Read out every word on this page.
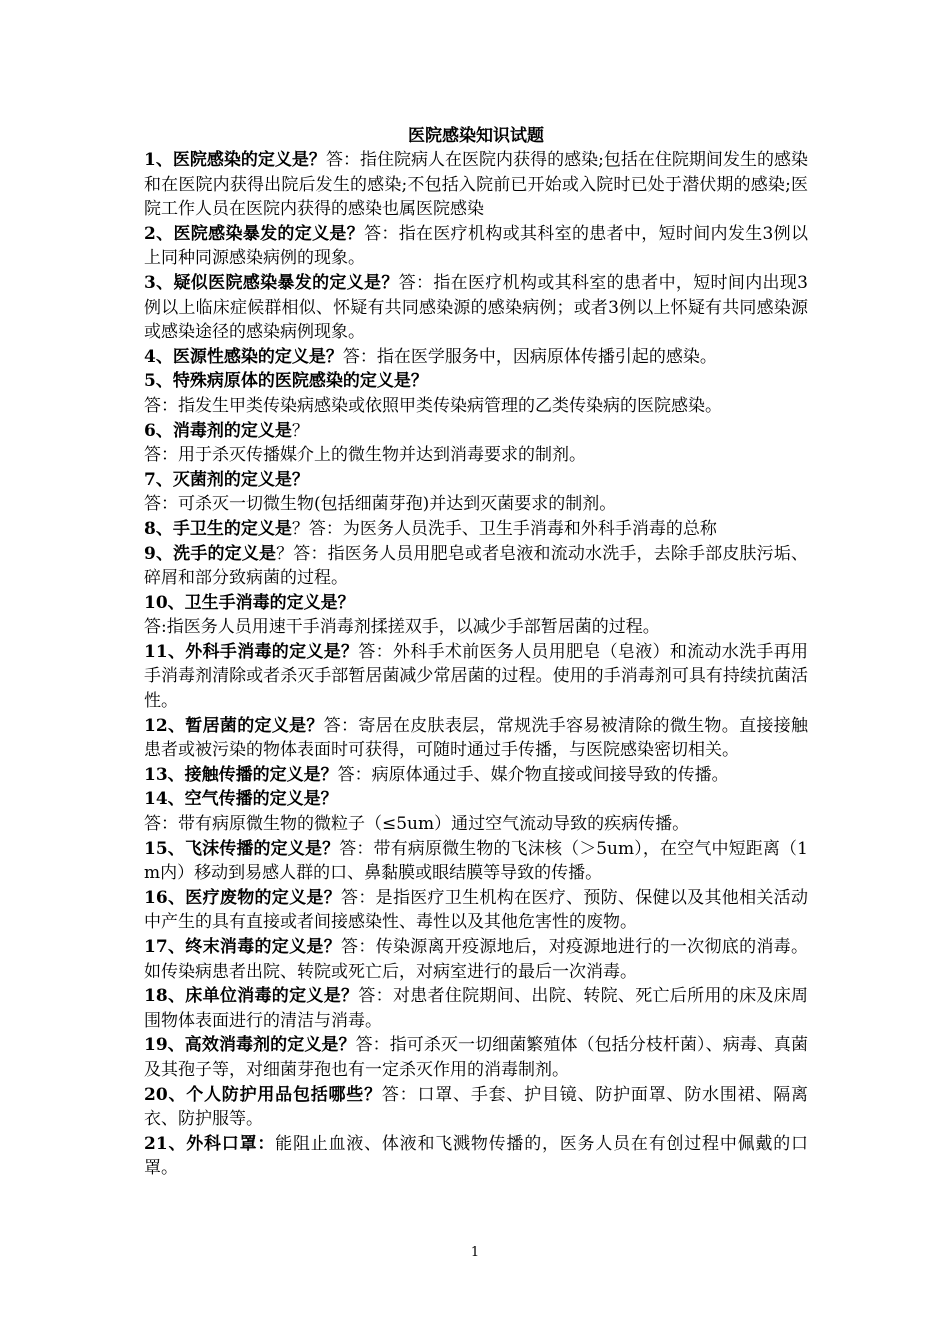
医院感染知识试题

1、医院感染的定义是？答：指住院病人在医院内获得的感染;包括在住院期间发生的感染和在医院内获得出院后发生的感染;不包括入院前已开始或入院时已处于潜伏期的感染;医院工作人员在医院内获得的感染也属医院感染

2、医院感染暴发的定义是？答：指在医疗机构或其科室的患者中，短时间内发生3例以上同种同源感染病例的现象。

3、疑似医院感染暴发的定义是？答：指在医疗机构或其科室的患者中，短时间内出现3例以上临床症候群相似、怀疑有共同感染源的感染病例；或者3例以上怀疑有共同感染源或感染途径的感染病例现象。

4、医源性感染的定义是？答：指在医学服务中，因病原体传播引起的感染。

5、特殊病原体的医院感染的定义是？

答：指发生甲类传染病感染或依照甲类传染病管理的乙类传染病的医院感染。

6、消毒剂的定义是？

答：用于杀灭传播媒介上的微生物并达到消毒要求的制剂。

7、灭菌剂的定义是？

答：可杀灭一切微生物(包括细菌芽孢)并达到灭菌要求的制剂。

8、手卫生的定义是？答：为医务人员洗手、卫生手消毒和外科手消毒的总称

9、洗手的定义是？答：指医务人员用肥皂或者皂液和流动水洗手，去除手部皮肤污垢、碎屑和部分致病菌的过程。

10、卫生手消毒的定义是？

答:指医务人员用速干手消毒剂揉搓双手，以减少手部暂居菌的过程。

11、外科手消毒的定义是？答：外科手术前医务人员用肥皂（皂液）和流动水洗手再用手消毒剂清除或者杀灭手部暂居菌减少常居菌的过程。使用的手消毒剂可具有持续抗菌活性。

12、暂居菌的定义是？答：寄居在皮肤表层，常规洗手容易被清除的微生物。直接接触患者或被污染的物体表面时可获得，可随时通过手传播，与医院感染密切相关。

13、接触传播的定义是？答：病原体通过手、媒介物直接或间接导致的传播。

14、空气传播的定义是？

答：带有病原微生物的微粒子（≤5um）通过空气流动导致的疾病传播。

15、飞沫传播的定义是？答：带有病原微生物的飞沫核（＞5um），在空气中短距离（1m内）移动到易感人群的口、鼻黏膜或眼结膜等导致的传播。

16、医疗废物的定义是？答：是指医疗卫生机构在医疗、预防、保健以及其他相关活动中产生的具有直接或者间接感染性、毒性以及其他危害性的废物。

17、终末消毒的定义是？答：传染源离开疫源地后，对疫源地进行的一次彻底的消毒。如传染病患者出院、转院或死亡后，对病室进行的最后一次消毒。

18、床单位消毒的定义是？答：对患者住院期间、出院、转院、死亡后所用的床及床周围物体表面进行的清洁与消毒。

19、高效消毒剂的定义是？答：指可杀灭一切细菌繁殖体（包括分枝杆菌）、病毒、真菌及其孢子等，对细菌芽孢也有一定杀灭作用的消毒制剂。

20、个人防护用品包括哪些？答：口罩、手套、护目镜、防护面罩、防水围裙、隔离衣、防护服等。

21、外科口罩：能阻止血液、体液和飞溅物传播的，医务人员在有创过程中佩戴的口罩。

1
